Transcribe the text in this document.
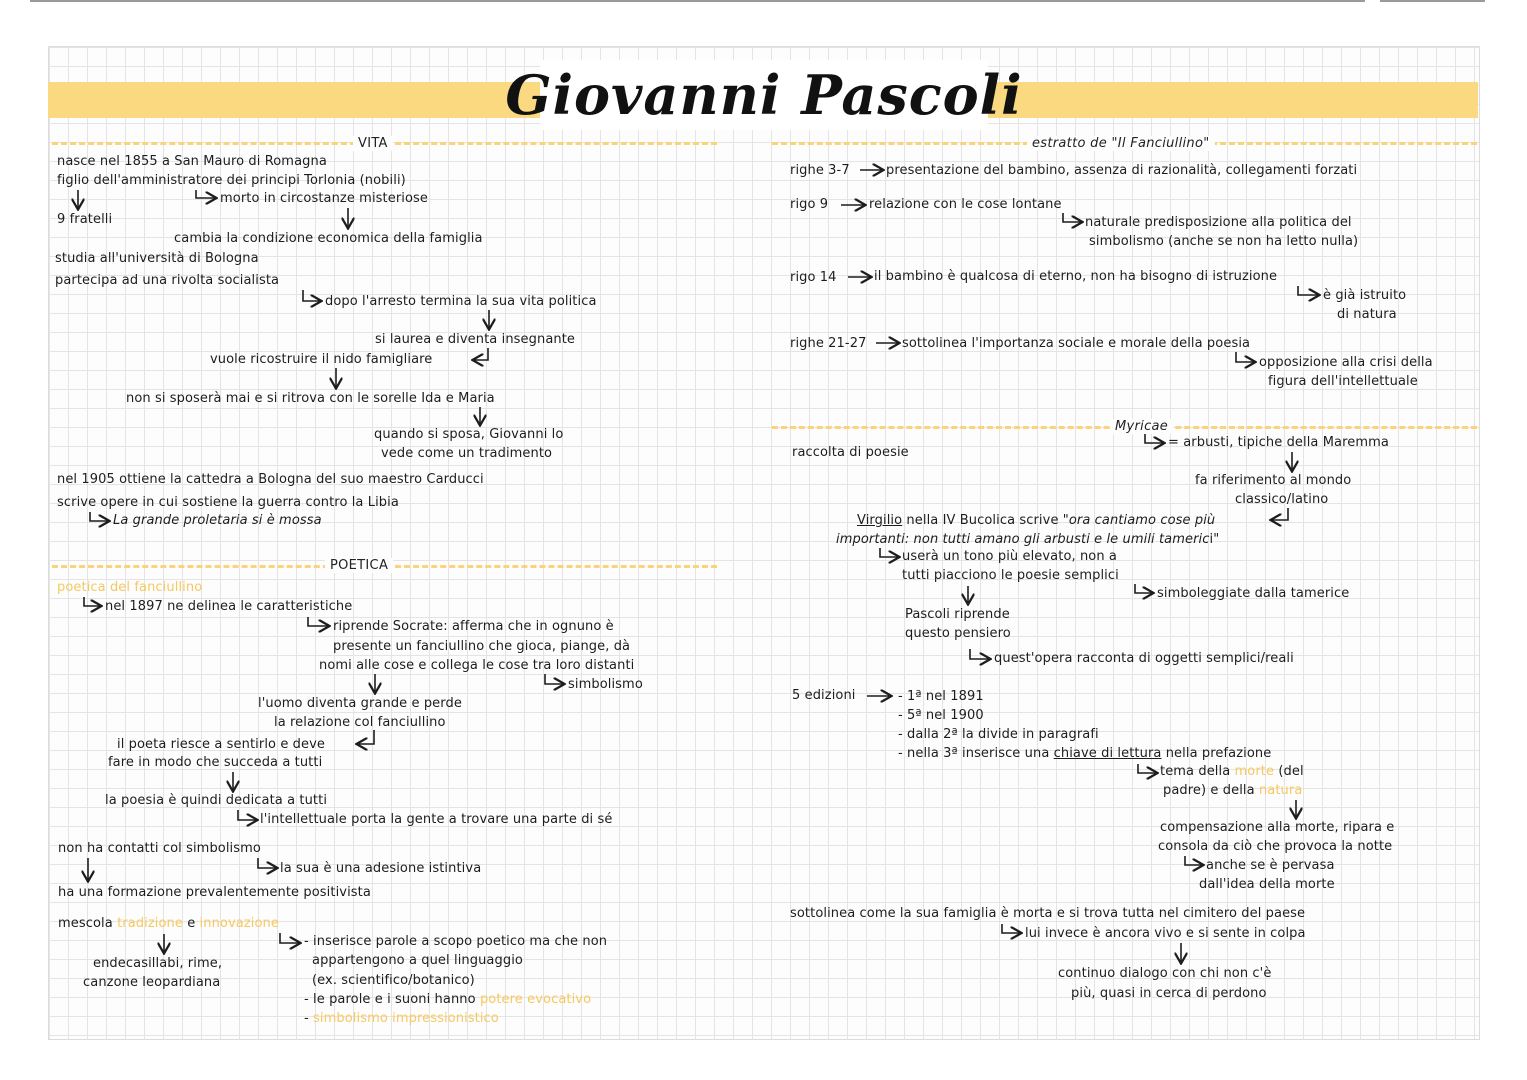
Giovanni Pascoli
VITA
POETICA
estratto de "Il Fanciullino"
Myricae
nasce nel 1855 a San Mauro di Romagna
figlio dell'amministratore dei principi Torlonia (nobili)
morto in circostanze misteriose
9 fratelli
cambia la condizione economica della famiglia
studia all'università di Bologna
partecipa ad una rivolta socialista
dopo l'arresto termina la sua vita politica
si laurea e diventa insegnante
vuole ricostruire il nido famigliare
non si sposerà mai e si ritrova con le sorelle Ida e Maria
quando si sposa, Giovanni lo
vede come un tradimento
nel 1905 ottiene la cattedra a Bologna del suo maestro Carducci
scrive opere in cui sostiene la guerra contro la Libia
La grande proletaria si è mossa
poetica del fanciullino
nel 1897 ne delinea le caratteristiche
riprende Socrate: afferma che in ognuno è
presente un fanciullino che gioca, piange, dà
nomi alle cose e collega le cose tra loro distanti
simbolismo
l'uomo diventa grande e perde
la relazione col fanciullino
il poeta riesce a sentirlo e deve
fare in modo che succeda a tutti
la poesia è quindi dedicata a tutti
l'intellettuale porta la gente a trovare una parte di sé
non ha contatti col simbolismo
la sua è una adesione istintiva
ha una formazione prevalentemente positivista
mescola tradizione e innovazione
endecasillabi, rime,
canzone leopardiana
- inserisce parole a scopo poetico ma che non
appartengono a quel linguaggio
(ex. scientifico/botanico)
- le parole e i suoni hanno potere evocativo
- simbolismo impressionistico
righe 3-7	presentazione del bambino, assenza di razionalità, collegamenti forzati
rigo 9	relazione con le cose lontane
naturale predisposizione alla politica del
simbolismo (anche se non ha letto nulla)
rigo 14	il bambino è qualcosa di eterno, non ha bisogno di istruzione
è già istruito
di natura
righe 21-27	sottolinea l'importanza sociale e morale della poesia
opposizione alla crisi della
figura dell'intellettuale
raccolta di poesie
= arbusti, tipiche della Maremma
fa riferimento al mondo
classico/latino
Virgilio nella IV Bucolica scrive "ora cantiamo cose più
importanti: non tutti amano gli arbusti e le umili tamerici"
userà un tono più elevato, non a
tutti piacciono le poesie semplici
simboleggiate dalla tamerice
Pascoli riprende
questo pensiero
quest'opera racconta di oggetti semplici/reali
5 edizioni	- 1ª nel 1891
- 5ª nel 1900
- dalla 2ª la divide in paragrafi
- nella 3ª inserisce una chiave di lettura nella prefazione
tema della morte (del
padre) e della natura
compensazione alla morte, ripara e
consola da ciò che provoca la notte
anche se è pervasa
dall'idea della morte
sottolinea come la sua famiglia è morta e si trova tutta nel cimitero del paese
lui invece è ancora vivo e si sente in colpa
continuo dialogo con chi non c'è
più, quasi in cerca di perdono
